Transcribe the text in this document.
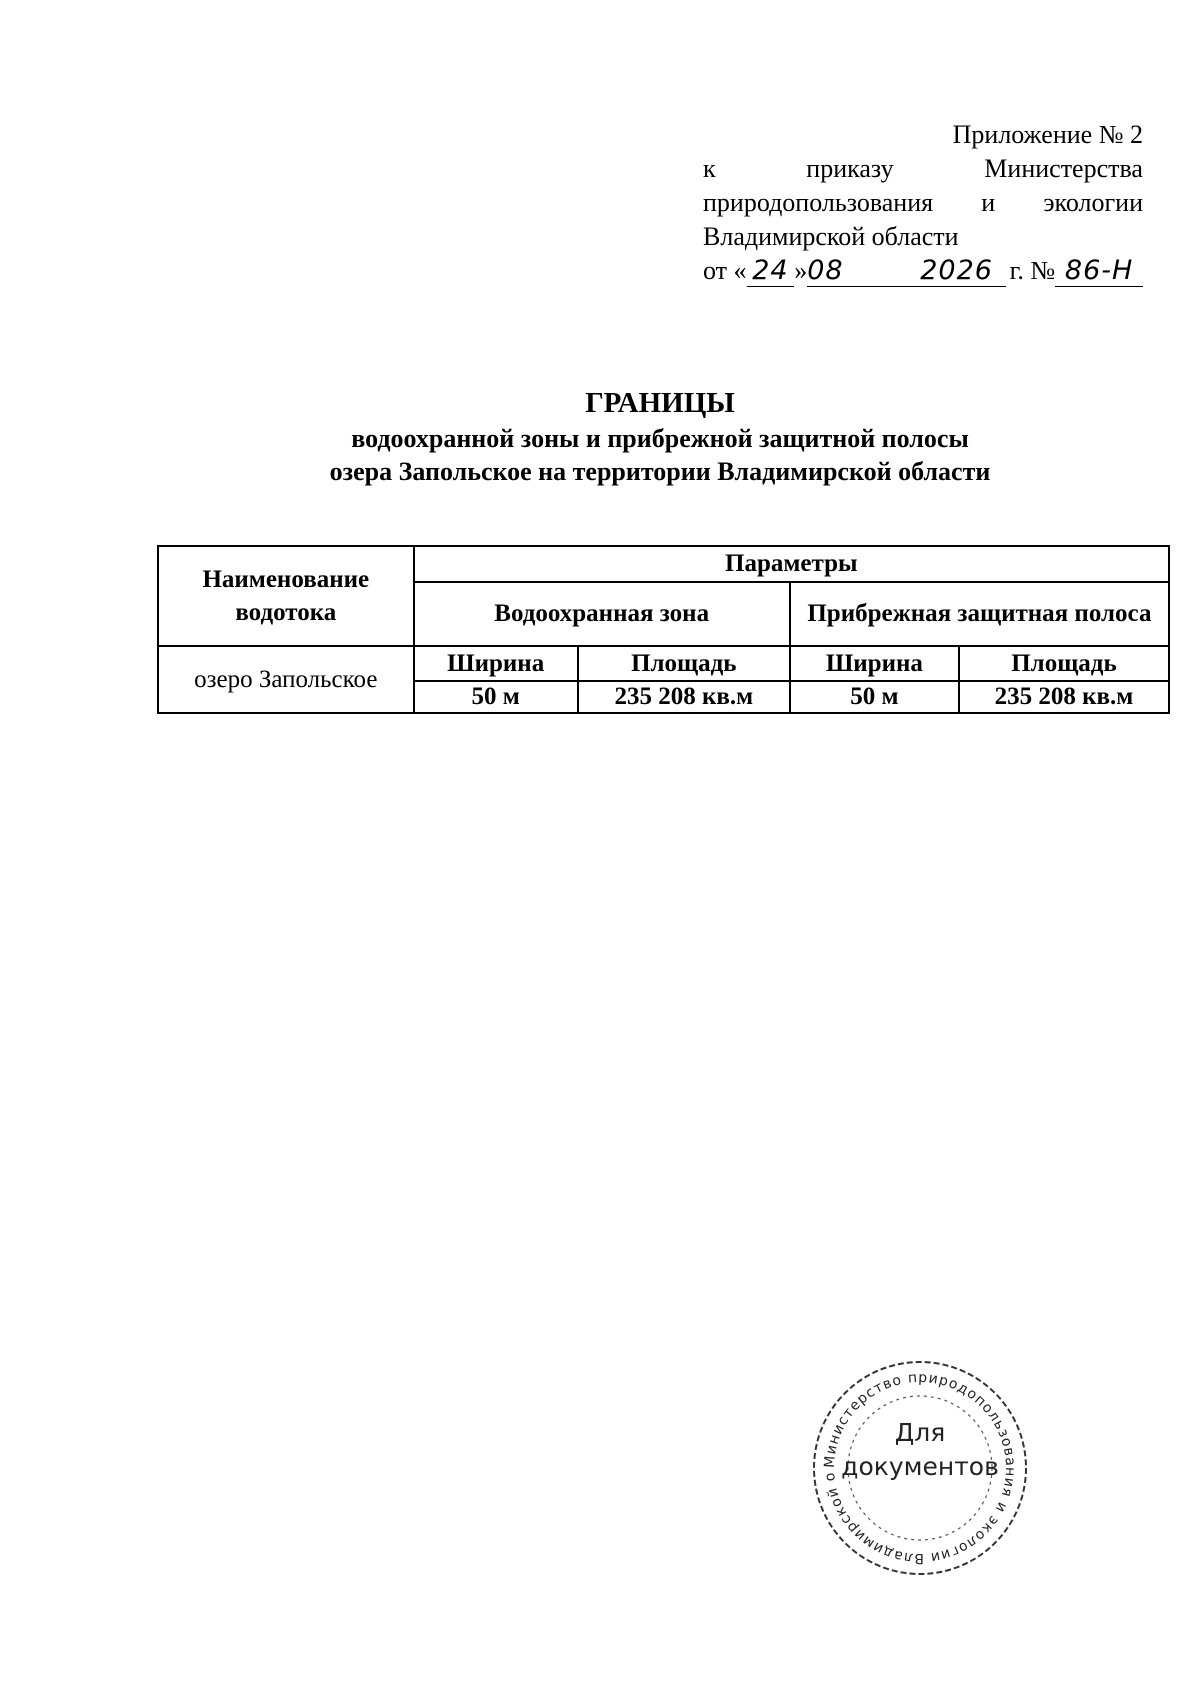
Приложение № 2
к	приказу	Министерства
природопользования и экологии
Владимирской области
от « 24 » 08        2026 г. № 86-Н
ГРАНИЦЫ
водоохранной зоны и прибрежной защитной полосы
озера Запольское на территории Владимирской области
Наименование водотока	Параметры			
	Водоохранная зона		Прибрежная защитная полоса	

озеро Запольское	Ширина	Площадь	Ширина	Площадь
	50 м	235 208 кв.м	50 м	235 208 кв.м
Министерство природопользования и экологии Владимирской о
Для
документов
